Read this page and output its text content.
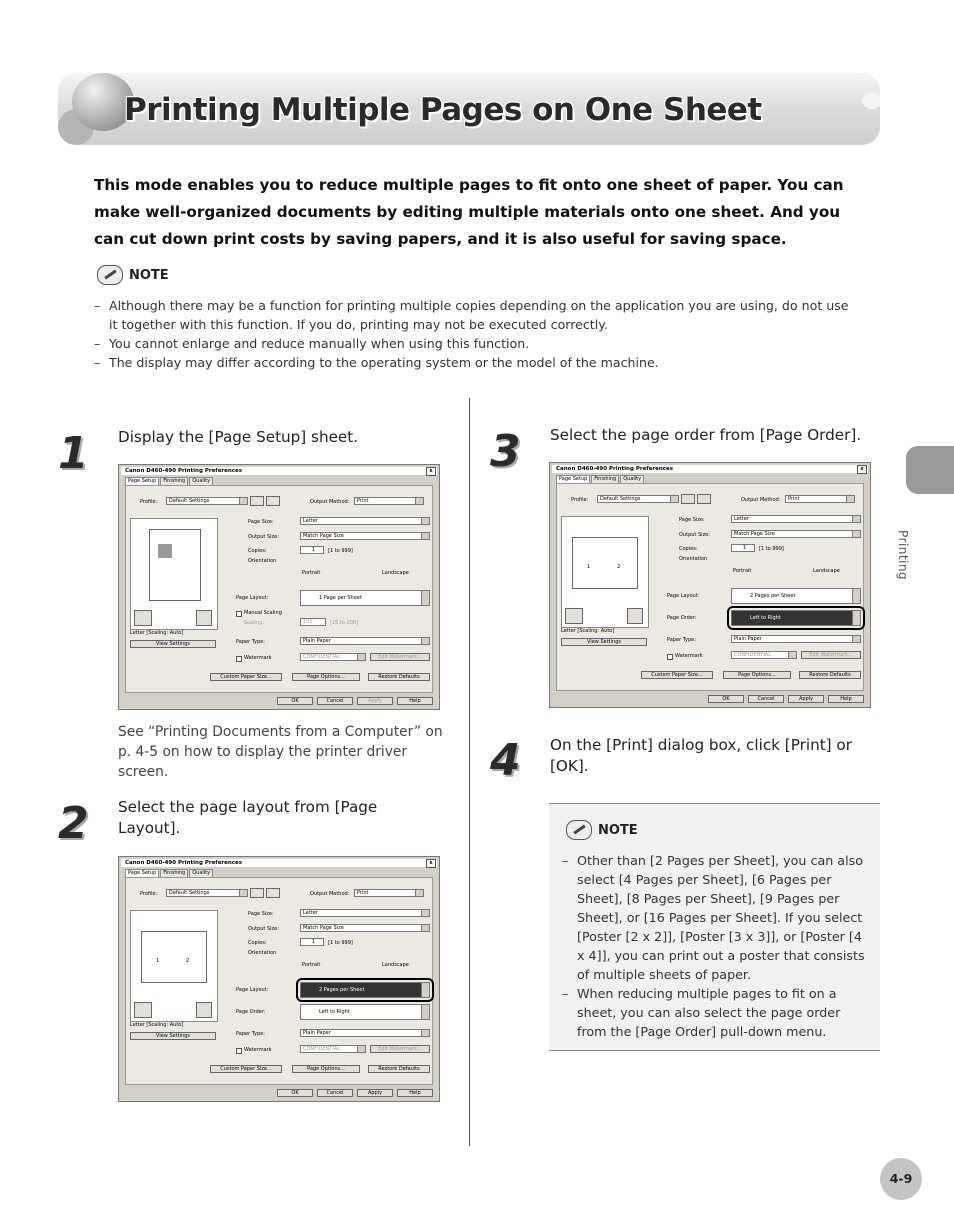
Printing Multiple Pages on One Sheet
This mode enables you to reduce multiple pages to fit onto one sheet of paper. You can make well-organized documents by editing multiple materials onto one sheet. And you can cut down print costs by saving papers, and it is also useful for saving space.
NOTE
– Although there may be a function for printing multiple copies depending on the application you are using, do not use it together with this function. If you do, printing may not be executed correctly.
– You cannot enlarge and reduce manually when using this function.
– The display may differ according to the operating system or the model of the machine.
1 Display the [Page Setup] sheet.
Canon D460-490 Printing Preferences	x
Page Setup	Finishing	Quality
Profile:	Default Settings	Output Method:	Print
Letter [Scaling: Auto]
View Settings
Page Size:	Letter
Output Size:	Match Page Size
Copies:	1	[1 to 999]
Orientation
Portrait	Landscape
Page Layout:	1 Page per Sheet
Manual Scaling
Scaling:	100	[25 to 200]
Paper Type:	Plain Paper
Watermark	CONFIDENTIAL	Edit Watermark...
Custom Paper Size...	Page Options...	Restore Defaults
OK	Cancel	Apply	Help
See “Printing Documents from a Computer” on p. 4-5 on how to display the printer driver screen.
2 Select the page layout from [Page Layout].
Canon D460-490 Printing Preferences	x
Page Setup	Finishing	Quality
Profile:	Default Settings	Output Method:	Print
1	2
Letter [Scaling: Auto]
View Settings
Page Size:	Letter
Output Size:	Match Page Size
Copies:	1	[1 to 999]
Orientation
Portrait	Landscape
Page Layout:	2 Pages per Sheet
Page Order:	Left to Right
Paper Type:	Plain Paper
Watermark	CONFIDENTIAL	Edit Watermark...
Custom Paper Size...	Page Options...	Restore Defaults
OK	Cancel	Apply	Help
3 Select the page order from [Page Order].
Canon D460-490 Printing Preferences	x
Page Setup	Finishing	Quality
Profile:	Default Settings	Output Method:	Print
1	2
Letter [Scaling: Auto]
View Settings
Page Size:	Letter
Output Size:	Match Page Size
Copies:	1	[1 to 999]
Orientation
Portrait	Landscape
Page Layout:	2 Pages per Sheet
Page Order:	Left to Right
Paper Type:	Plain Paper
Watermark	CONFIDENTIAL	Edit Watermark...
Custom Paper Size...	Page Options...	Restore Defaults
OK	Cancel	Apply	Help
4 On the [Print] dialog box, click [Print] or [OK].
NOTE
– Other than [2 Pages per Sheet], you can also select [4 Pages per Sheet], [6 Pages per Sheet], [8 Pages per Sheet], [9 Pages per Sheet], or [16 Pages per Sheet]. If you select [Poster [2 x 2]], [Poster [3 x 3]], or [Poster [4 x 4]], you can print out a poster that consists of multiple sheets of paper.
– When reducing multiple pages to fit on a sheet, you can also select the page order from the [Page Order] pull-down menu.
Printing
4-9
